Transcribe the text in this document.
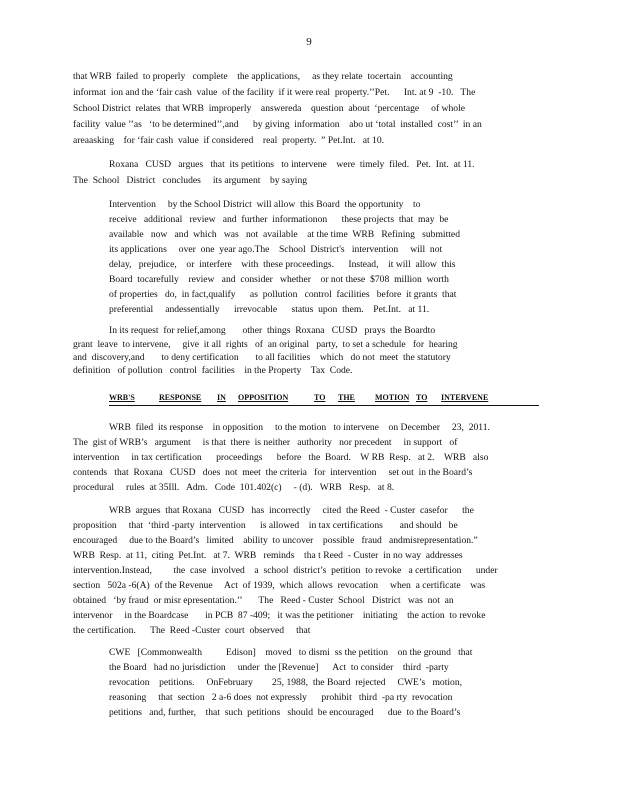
9
that WRB  failed  to properly   complete    the applications,     as they relate  tocertain    accounting
informat  ion and the ‘fair cash  value  of the facility  if it were real  property.’’Pet.      Int. at 9  -10.   The
School District  relates  that WRB  improperly    answereda    question  about  ‘percentage     of whole
facility  value ’’as   ‘to be determined’’,and      by giving  information    abo ut ‘total  installed  cost’’  in an
areaasking    for ‘fair cash  value  if considered    real  property.  ” Pet.Int.   at 10.
Roxana   CUSD   argues   that  its petitions   to intervene    were  timely  filed.   Pet.  Int.  at 11.
The  School   District   concludes     its argument    by saying
Intervention     by the School District  will allow  this Board  the opportunity    to
receive   additional   review   and  further  informationon      these projects  that  may  be
available   now   and  which   was   not  available    at the time  WRB   Refining   submitted
its applications     over  one  year ago.The    School  District's   intervention     will  not
delay,   prejudice,    or  interfere    with  these proceedings.      Instead,    it will  allow  this
Board  tocarefully    review   and  consider   whether    or not these  $708  million  worth
of properties   do,  in fact,qualify      as  pollution   control  facilities   before  it grants  that
preferential     andessentially      irrevocable      status  upon  them.    Pet.Int.   at 11.
In its request  for relief,among       other  things  Roxana   CUSD   prays  the Boardto
grant  leave  to intervene,     give  it all  rights   of  an original   party,  to set a schedule   for  hearing
and  discovery,and       to deny certification       to all facilities    which   do not  meet  the statutory
definition   of pollution   control  facilities    in the Property    Tax  Code.
WRB'S	RESPONSE IN OPPOSITION	TO THE	MOTION TO INTERVENE
WRB  filed  its response    in opposition     to the motion   to intervene    on December     23,  2011.
The  gist of WRB’s   argument     is that  there  is neither   authority   nor precedent     in support   of
intervention     in tax certification      proceedings      before   the  Board.    W RB  Resp.   at 2.    WRB   also
contends   that  Roxana   CUSD   does  not  meet  the criteria   for  intervention     set out  in the Board’s
procedural     rules  at 35Ill.   Adm.   Code  101.402(c)     - (d).   WRB   Resp.   at 8.
WRB  argues  that Roxana   CUSD   has  incorrectly     cited  the Reed  - Custer  casefor      the
proposition     that  ‘third -party  intervention      is allowed    in tax certifications       and should   be
encouraged     due to the Board’s   limited    ability  to uncover    possible   fraud   andmisrepresentation.”
WRB  Resp.  at 11,  citing  Pet.Int.   at 7.  WRB   reminds    tha t Reed  - Custer  in no way  addresses
intervention.Instead,         the  case  involved    a  school  district’s  petition  to revoke   a certification      under
section   502a -6(A)  of the Revenue     Act  of 1939,  which  allows  revocation     when  a certificate    was
obtained   ‘by fraud  or misr epresentation.’’       The   Reed - Custer  School   District   was  not  an
intervenor     in the Boardcase       in PCB  87 -409;   it was the petitioner    initiating    the action  to revoke
the certification.      The  Reed -Custer  court  observed     that
CWE   [Commonwealth          Edison]    moved   to dismi  ss the petition    on the ground   that
the Board   had no jurisdiction     under  the [Revenue]      Act  to consider    third  -party
revocation    petitions.     OnFebruary        25, 1988,  the Board  rejected     CWE’s   motion,
reasoning     that  section   2 a-6 does  not expressly      prohibit   third  -pa rty  revocation
petitions   and, further,    that  such  petitions   should  be encouraged      due  to the Board’s
